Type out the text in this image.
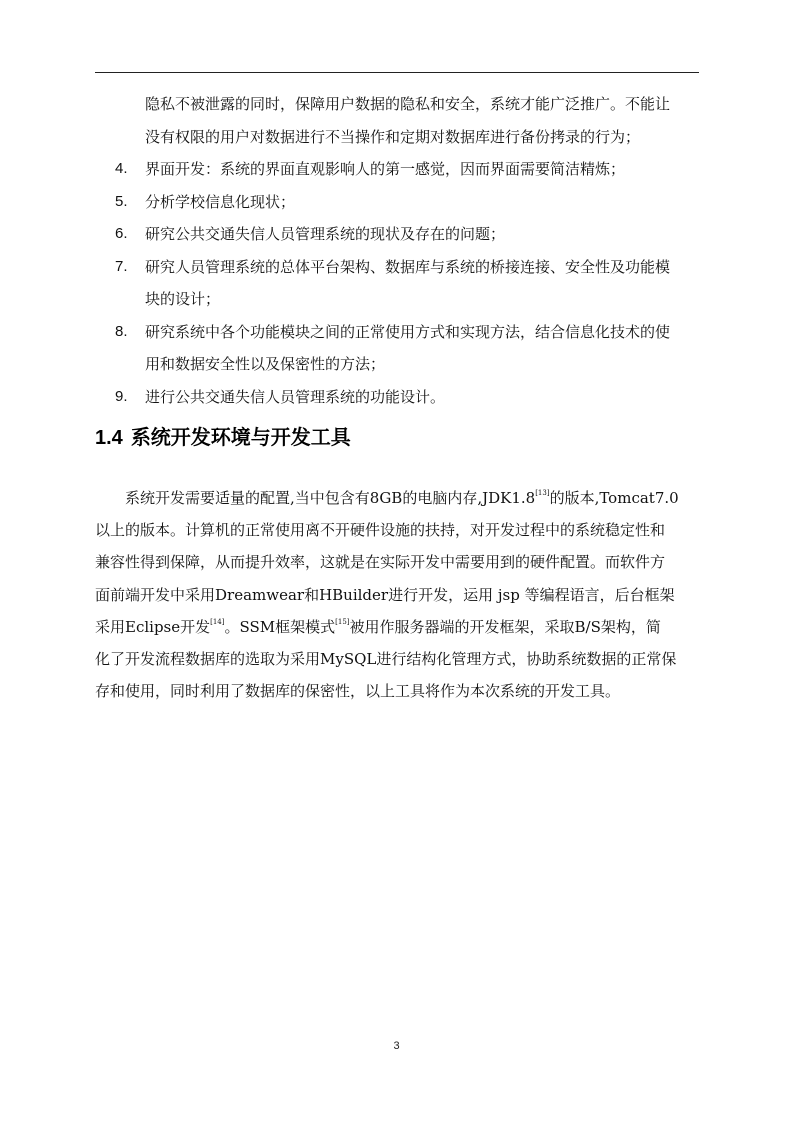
隐私不被泄露的同时，保障用户数据的隐私和安全，系统才能广泛推广。不能让
没有权限的用户对数据进行不当操作和定期对数据库进行备份拷录的行为；
4. 界面开发：系统的界面直观影响人的第一感觉，因而界面需要简洁精炼；
5. 分析学校信息化现状；
6. 研究公共交通失信人员管理系统的现状及存在的问题；
7. 研究人员管理系统的总体平台架构、数据库与系统的桥接连接、安全性及功能模
块的设计；
8. 研究系统中各个功能模块之间的正常使用方式和实现方法，结合信息化技术的使
用和数据安全性以及保密性的方法；
9. 进行公共交通失信人员管理系统的功能设计。
1.4 系统开发环境与开发工具
系统开发需要适量的配置,当中包含有8GB的电脑内存,JDK1.8[13]的版本,Tomcat7.0
以上的版本。计算机的正常使用离不开硬件设施的扶持，对开发过程中的系统稳定性和
兼容性得到保障，从而提升效率，这就是在实际开发中需要用到的硬件配置。而软件方
面前端开发中采用Dreamwear和HBuilder进行开发，运用 jsp 等编程语言，后台框架
采用Eclipse开发[14]。SSM框架模式[15]被用作服务器端的开发框架，采取B/S架构，简
化了开发流程数据库的选取为采用MySQL进行结构化管理方式，协助系统数据的正常保
存和使用，同时利用了数据库的保密性，以上工具将作为本次系统的开发工具。
3
